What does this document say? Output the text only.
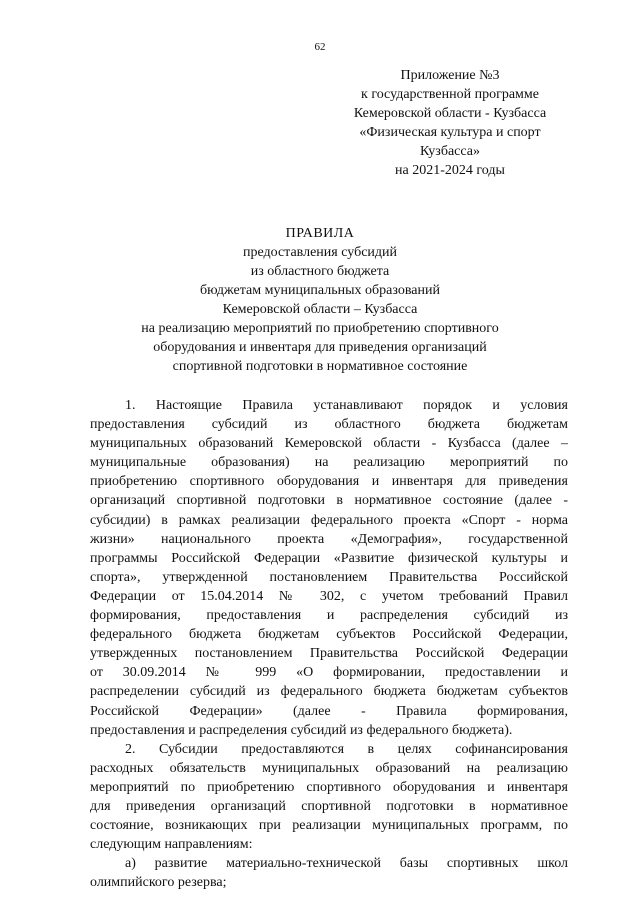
62
Приложение №3
к государственной программе
Кемеровской области - Кузбасса
«Физическая культура и спорт
Кузбасса»
на 2021-2024 годы
ПРАВИЛА
предоставления субсидий
из областного бюджета
бюджетам муниципальных образований
Кемеровской области – Кузбасса
на реализацию мероприятий по приобретению спортивного
оборудования и инвентаря для приведения организаций
спортивной подготовки в нормативное состояние
1. Настоящие Правила устанавливают порядок и условия
предоставления субсидий из областного бюджета бюджетам
муниципальных образований Кемеровской области - Кузбасса (далее –
муниципальные образования) на реализацию мероприятий по
приобретению спортивного оборудования и инвентаря для приведения
организаций спортивной подготовки в нормативное состояние (далее -
субсидии) в рамках реализации федерального проекта «Спорт - норма
жизни» национального проекта «Демография», государственной
программы Российской Федерации «Развитие физической культуры и
спорта», утвержденной постановлением Правительства Российской
Федерации от 15.04.2014 № 302, с учетом требований Правил
формирования, предоставления и распределения субсидий из
федерального бюджета бюджетам субъектов Российской Федерации,
утвержденных постановлением Правительства Российской Федерации
от 30.09.2014 № 999 «О формировании, предоставлении и
распределении субсидий из федерального бюджета бюджетам субъектов
Российской Федерации» (далее - Правила формирования,
предоставления и распределения субсидий из федерального бюджета).
2. Субсидии предоставляются в целях софинансирования
расходных обязательств муниципальных образований на реализацию
мероприятий по приобретению спортивного оборудования и инвентаря
для приведения организаций спортивной подготовки в нормативное
состояние, возникающих при реализации муниципальных программ, по
следующим направлениям:
а) развитие материально-технической базы спортивных школ
олимпийского резерва;
